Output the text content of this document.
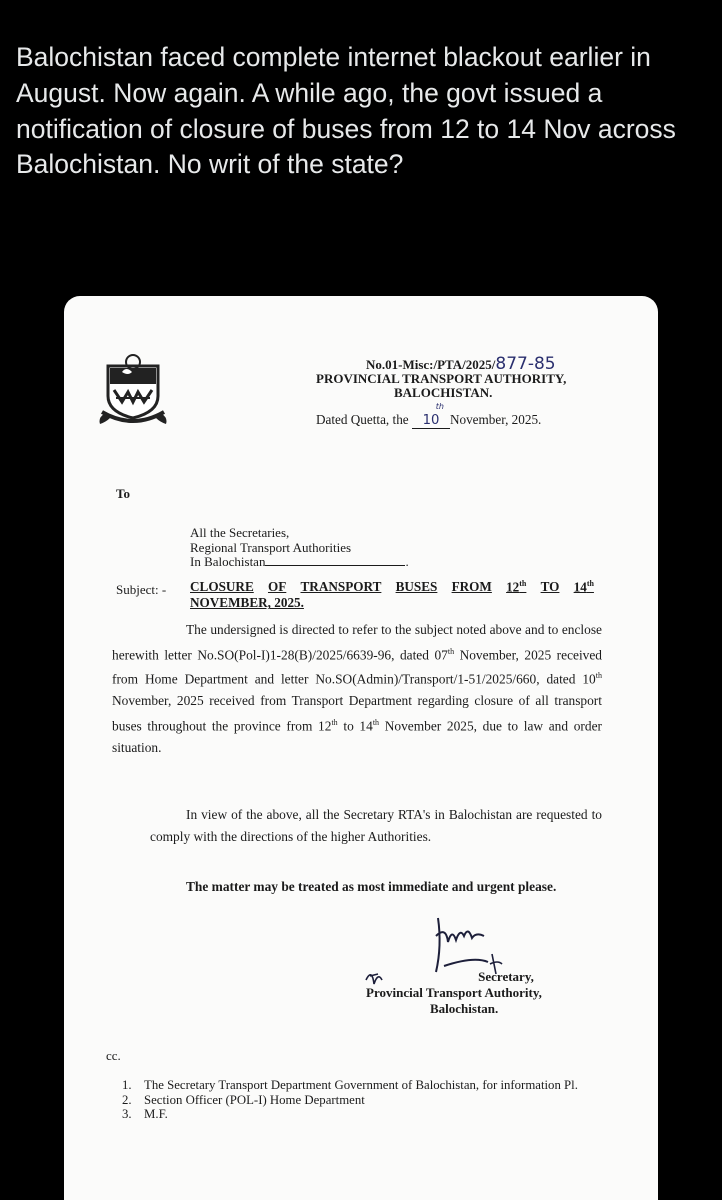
Balochistan faced complete internet blackout earlier in August. Now again. A while ago, the govt issued a notification of closure of buses from 12 to 14 Nov across Balochistan. No writ of the state?
No.01-Misc:/PTA/2025/877-85
PROVINCIAL TRANSPORT AUTHORITY,
BALOCHISTAN.
Dated Quetta, the 10
th
November, 2025.
To
All the Secretaries,
Regional Transport Authorities
In Balochistan	.
Subject: - CLOSURE OF TRANSPORT BUSES FROM 12th TO 14th
NOVEMBER, 2025.
The undersigned is directed to refer to the subject noted above and to enclose herewith letter No.SO(Pol-I)1-28(B)/2025/6639-96, dated 07th November, 2025 received from Home Department and letter No.SO(Admin)/Transport/1-51/2025/660, dated 10th November, 2025 received from Transport Department regarding closure of all transport buses throughout the province from 12th to 14th November 2025, due to law and order situation.
In view of the above, all the Secretary RTA's in Balochistan are requested to comply with the directions of the higher Authorities.
The matter may be treated as most immediate and urgent please.
Secretary,
Provincial Transport Authority,
Balochistan.
cc.
1. The Secretary Transport Department Government of Balochistan, for information Pl.
2. Section Officer (POL-I) Home Department
3. M.F.
